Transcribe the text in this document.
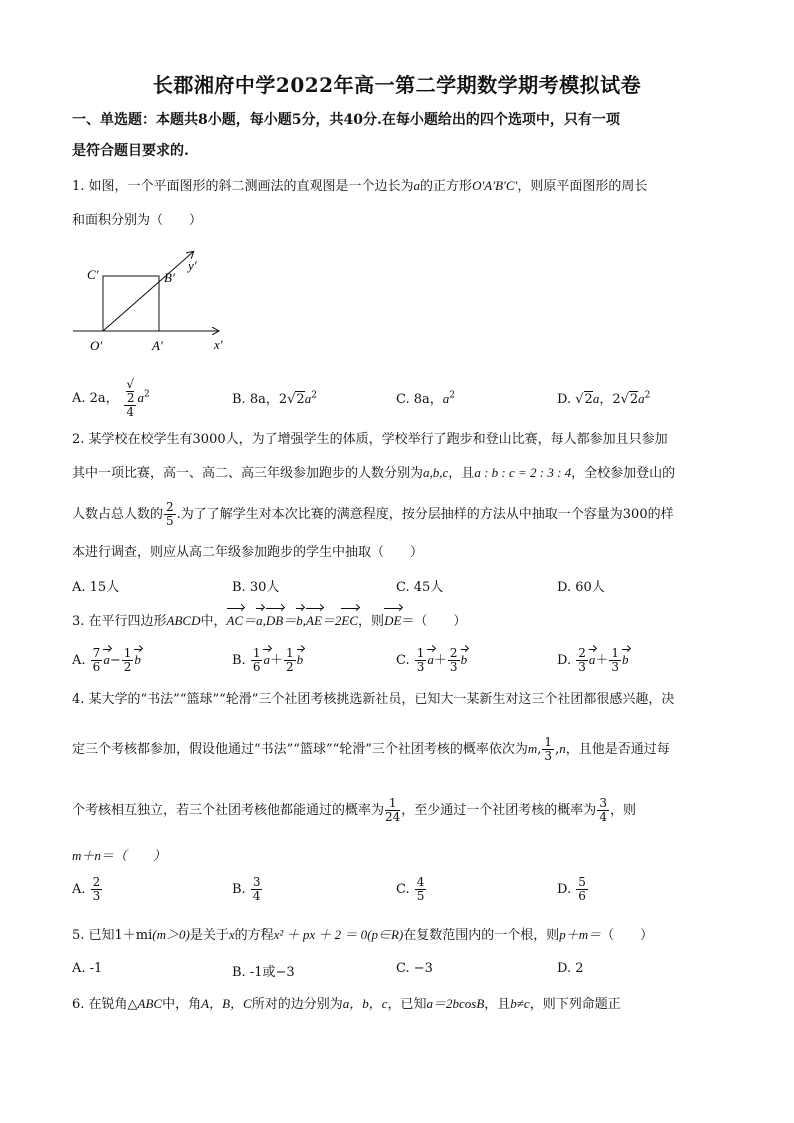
长郡湘府中学2022年高一第二学期数学期考模拟试卷
一、单选题：本题共8小题，每小题5分，共40分.在每小题给出的四个选项中，只有一项
是符合题目要求的.
1. 如图，一个平面图形的斜二测画法的直观图是一个边长为a的正方形O′A′B′C′，则原平面图形的周长
和面积分别为（　　）
y′
x′
C′	B′
O′	A′
A. 2a， √
2
4 $a^2$	B. 8a，$2√2a^2$	C. 8a，$a^2$	D. √2a，$2√2a^2$
2. 某学校在校学生有3000人，为了增强学生的体质，学校举行了跑步和登山比赛，每人都参加且只参加
其中一项比赛，高一、高二、高三年级参加跑步的人数分别为a,b,c，且a : b : c = 2 : 3 : 4，全校参加登山的
人数占总人数的 $\frac{2}{5}$ .为了了解学生对本次比赛的满意程度，按分层抽样的方法从中抽取一个容量为300的样
本进行调查，则应从高二年级参加跑步的学生中抽取（　　）
A. 15人	B. 30人	C. 45人	D. 60人
3. 在平行四边形ABCD中，AC＝a,DB＝b,AE＝2EC，则DE＝（　　）
A. $\frac{7}{6} a- \frac{1}{2}$ b	B. $\frac{1}{6} a+ \frac{1}{2}$ b	C. $\frac{1}{3} a+ \frac{2}{3}$ b	D. $\frac{2}{3} a+ \frac{1}{3}$ b
4. 某大学的“书法”“篮球”“轮滑”三个社团考核挑选新社员，已知大一某新生对这三个社团都很感兴趣，决
定三个考核都参加，假设他通过“书法”“篮球”“轮滑”三个社团考核的概率依次为m, $\frac{1}{3} ,n$，且他是否通过每
个考核相互独立，若三个社团考核他都能通过的概率为 $\frac{1}{24}$ ，至少通过一个社团考核的概率为 $\frac{3}{4}$ ，则
m＋n＝（　　）
A. $\frac{2}{3}$	B. $\frac{3}{4}$	C. $\frac{4}{5}$	D. $\frac{5}{6}$
5. 已知1＋mi(m＞0)是关于x的方程x² ＋ px ＋ 2 ＝ 0(p∈R)在复数范围内的一个根，则p＋m＝（　　）
A. -1	B. -1或−3	C. −3	D. 2
6. 在锐角△ABC中，角A，B，C所对的边分别为a，b，c，已知a＝2bcosB，且b≠c，则下列命题正
